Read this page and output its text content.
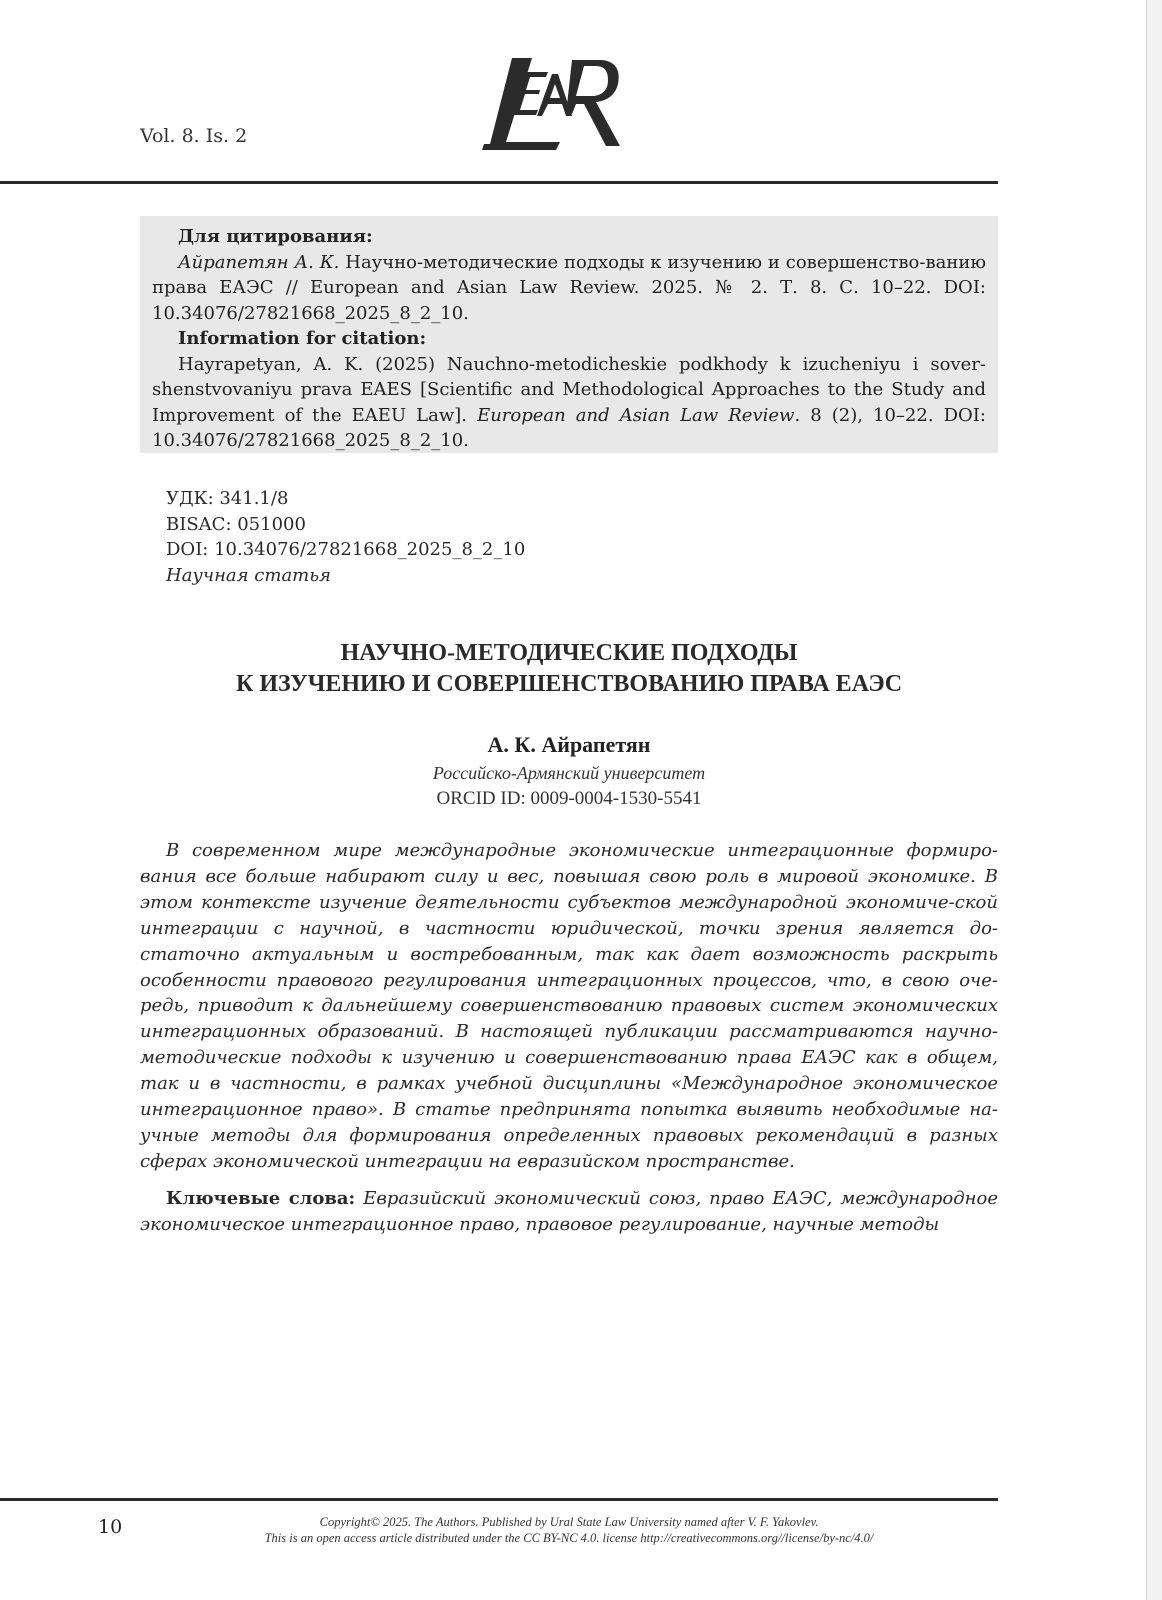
Vol. 8. Is. 2
Для цитирования:
Айрапетян А. К. Научно-методические подходы к изучению и совершенство-ванию права ЕАЭС // European and Asian Law Review. 2025. № 2. Т. 8. С. 10–22. DOI: 10.34076/27821668_2025_8_2_10.
Information for citation:
Hayrapetyan, A. K. (2025) Nauchno-metodicheskie podkhody k izucheniyu i sover-shenstvovaniyu prava EAES [Scientific and Methodological Approaches to the Study and Improvement of the EAEU Law]. European and Asian Law Review. 8 (2), 10–22. DOI: 10.34076/27821668_2025_8_2_10.
УДК: 341.1/8
BISAC: 051000
DOI: 10.34076/27821668_2025_8_2_10
Научная статья
НАУЧНО-МЕТОДИЧЕСКИЕ ПОДХОДЫ
К ИЗУЧЕНИЮ И СОВЕРШЕНСТВОВАНИЮ ПРАВА ЕАЭС
А. К. Айрапетян
Российско-Армянский университет
ORCID ID: 0009-0004-1530-5541
В современном мире международные экономические интеграционные формиро-вания все больше набирают силу и вес, повышая свою роль в мировой экономике. В этом контексте изучение деятельности субъектов международной экономиче-ской интеграции с научной, в частности юридической, точки зрения является до-статочно актуальным и востребованным, так как дает возможность раскрыть особенности правового регулирования интеграционных процессов, что, в свою оче-редь, приводит к дальнейшему совершенствованию правовых систем экономических интеграционных образований. В настоящей публикации рассматриваются научно-методические подходы к изучению и совершенствованию права ЕАЭС как в общем, так и в частности, в рамках учебной дисциплины «Международное экономическое интеграционное право». В статье предпринята попытка выявить необходимые на-учные методы для формирования определенных правовых рекомендаций в разных сферах экономической интеграции на евразийском пространстве.
Ключевые слова: Евразийский экономический союз, право ЕАЭС, международное экономическое интеграционное право, правовое регулирование, научные методы
10	Copyright© 2025. The Authors. Published by Ural State Law University named after V. F. Yakovlev.
This is an open access article distributed under the CC BY-NC 4.0. license http://creativecommons.org//license/by-nc/4.0/
